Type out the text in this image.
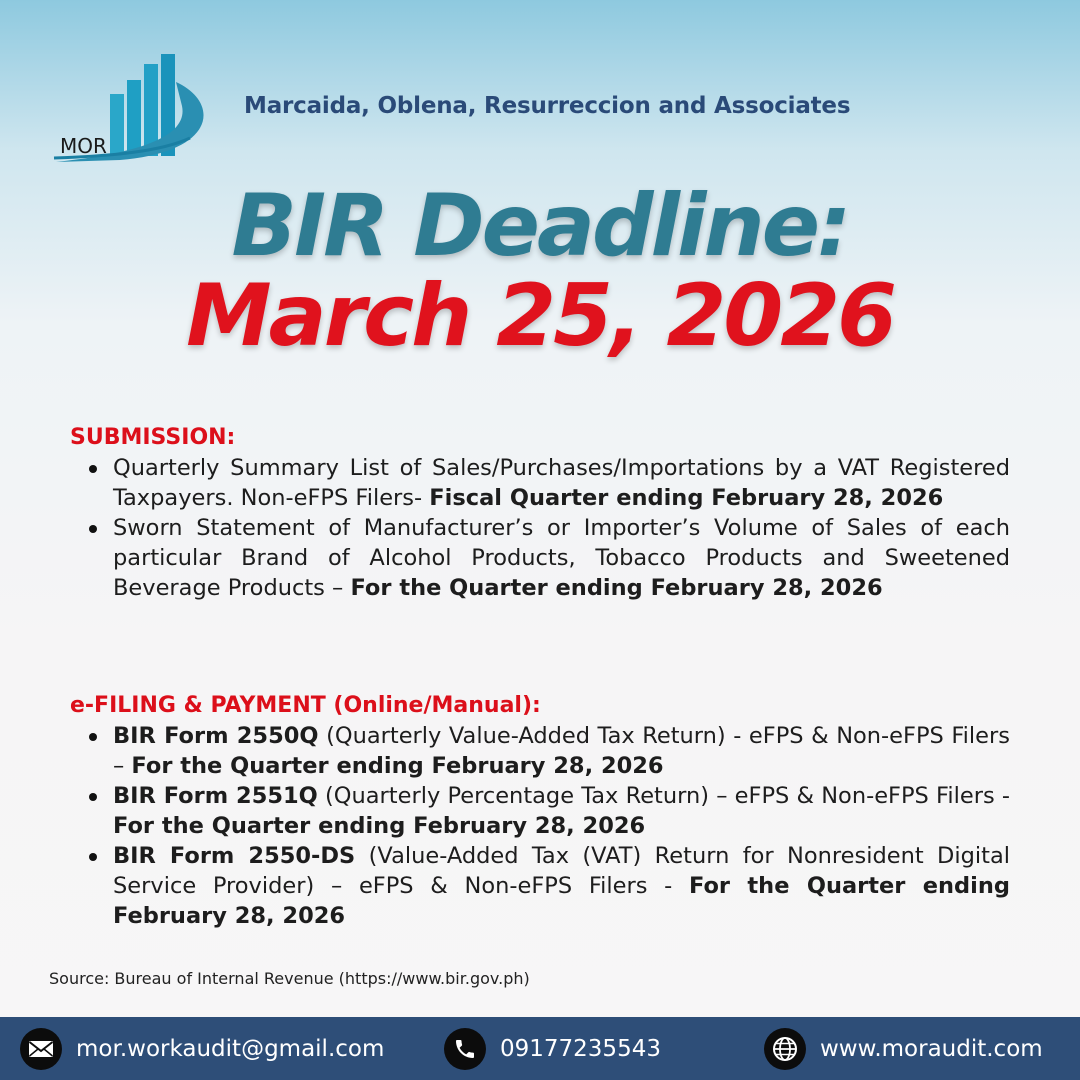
MOR
Marcaida, Oblena, Resurreccion and Associates
BIR Deadline:
March 25, 2026
SUBMISSION:
Quarterly Summary List of Sales/Purchases/Importations by a VAT Registered Taxpayers. Non-eFPS Filers- Fiscal Quarter ending February 28, 2026
Sworn Statement of Manufacturer’s or Importer’s Volume of Sales of each particular Brand of Alcohol Products, Tobacco Products and Sweetened Beverage Products – For the Quarter ending February 28, 2026
e-FILING & PAYMENT (Online/Manual):
BIR Form 2550Q (Quarterly Value-Added Tax Return) - eFPS & Non-eFPS Filers – For the Quarter ending February 28, 2026
BIR Form 2551Q (Quarterly Percentage Tax Return) – eFPS & Non-eFPS Filers - For the Quarter ending February 28, 2026
BIR Form 2550-DS (Value-Added Tax (VAT) Return for Nonresident Digital Service Provider) – eFPS & Non-eFPS Filers - For the Quarter ending February 28, 2026
Source: Bureau of Internal Revenue (https://www.bir.gov.ph)
mor.workaudit@gmail.com	09177235543	www.moraudit.com
